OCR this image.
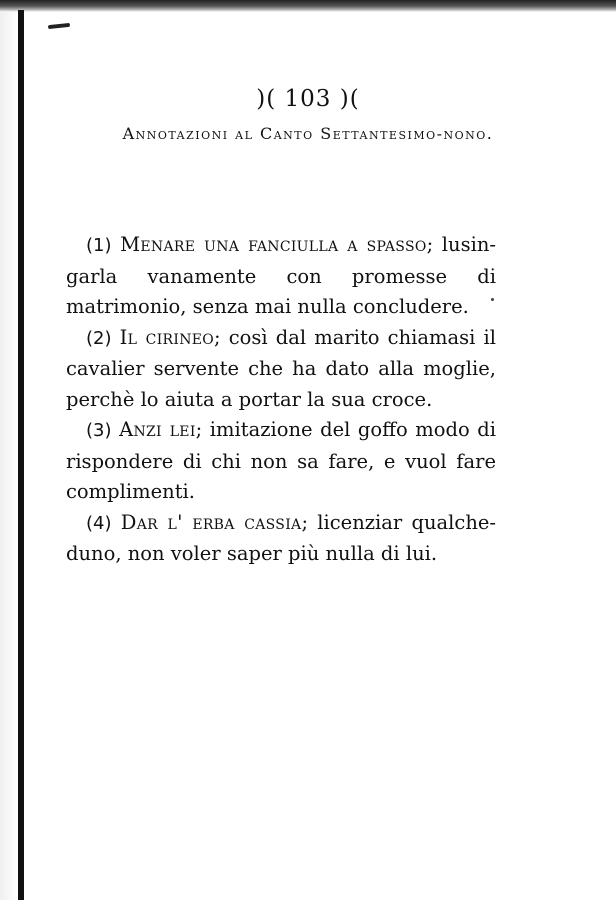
)( 103 )(
Annotazioni al Canto Settantesimo-nono.

(1) Menare una fanciulla a spasso; lusingarla vanamente con promesse di matrimonio, senza mai nulla concludere.

(2) Il cirineo; così dal marito chiamasi il cavalier servente che ha dato alla moglie, perchè lo aiuta a portar la sua croce.

(3) Anzi lei; imitazione del goffo modo di rispondere di chi non sa fare, e vuol fare complimenti.

(4) Dar l' erba cassia; licenziar qualcheduno, non voler saper più nulla di lui.
